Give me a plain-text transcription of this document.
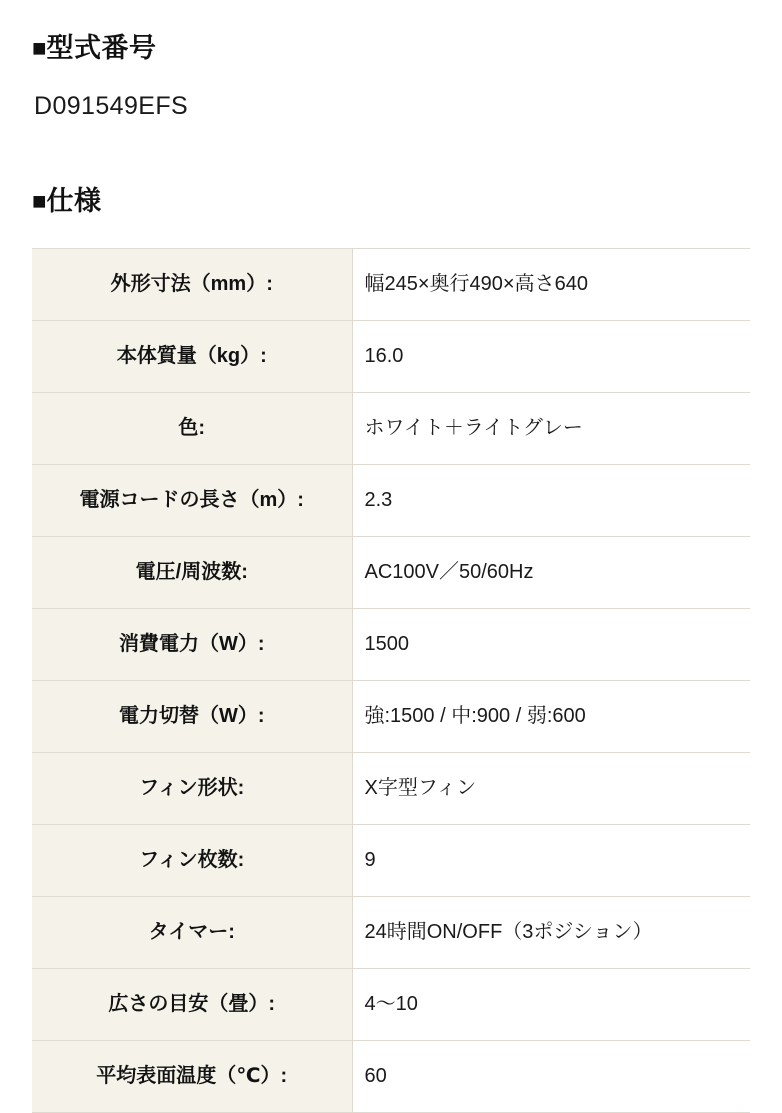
■型式番号
D091549EFS
■仕様
外形寸法（mm）:	幅245×奥行490×高さ640
本体質量（kg）:	16.0
色:	ホワイト＋ライトグレー
電源コードの長さ（m）:	2.3
電圧/周波数:	AC100V／50/60Hz
消費電力（W）:	1500
電力切替（W）:	強:1500 / 中:900 / 弱:600
フィン形状:	X字型フィン
フィン枚数:	9
タイマー:	24時間ON/OFF（3ポジション）
広さの目安（畳）:	4〜10
平均表面温度（℃）:	60
